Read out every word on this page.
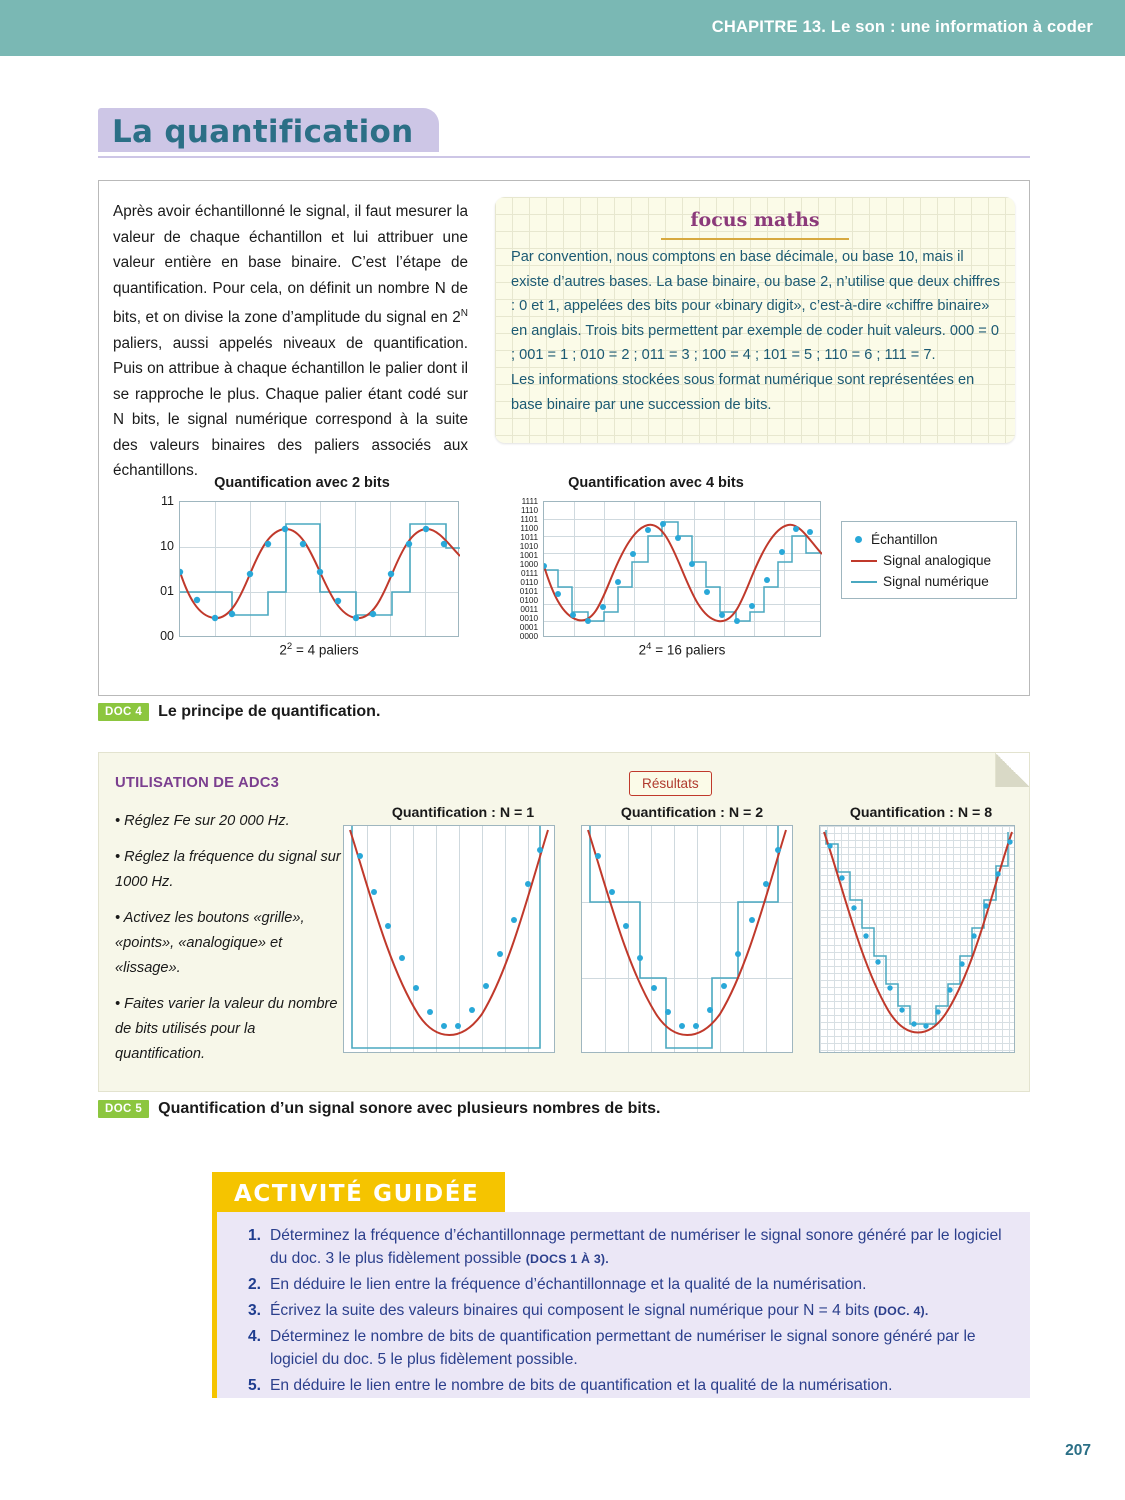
CHAPITRE 13. Le son : une information à coder
La quantification
Après avoir échantillonné le signal, il faut mesurer la valeur de chaque échantillon et lui attribuer une valeur entière en base binaire. C’est l’étape de quantification. Pour cela, on définit un nombre N de bits, et on divise la zone d’amplitude du signal en $2^N$ paliers, aussi appelés niveaux de quantification. Puis on attribue à chaque échantillon le palier dont il se rapproche le plus. Chaque palier étant codé sur N bits, le signal numérique correspond à la suite des valeurs binaires des paliers associés aux échantillons.
focus maths
Par convention, nous comptons en base décimale, ou base 10, mais il existe d’autres bases. La base binaire, ou base 2, n’utilise que deux chiffres : 0 et 1, appelées des bits pour «binary digit», c’est-à-dire «chiffre binaire» en anglais. Trois bits permettent par exemple de coder huit valeurs. 000 = 0 ; 001 = 1 ; 010 = 2 ; 011 = 3 ; 100 = 4 ; 101 = 5 ; 110 = 6 ; 111 = 7.
Les informations stockées sous format numérique sont représentées en base binaire par une succession de bits.
Quantification avec 2 bits
11
10
01
00
$2^2 = 4$ paliers
Quantification avec 4 bits
1111
1110
1101
1100
1011
1010
1001
1000
0111
0110
0101
0100
0011
0010
0001
0000
$2^4 = 16$ paliers
Échantillon
Signal analogique
Signal numérique
DOC 4	Le principe de quantification.
UTILISATION DE ADC3

• Réglez Fe sur 20 000 Hz.

• Réglez la fréquence du signal sur 1000 Hz.

• Activez les boutons «grille», «points», «analogique» et «lissage».

• Faites varier la valeur du nombre de bits utilisés pour la quantification.

Résultats
Quantification : N = 1	Quantification : N = 2	Quantification : N = 8
DOC 5	Quantification d’un signal sonore avec plusieurs nombres de bits.
ACTIVITÉ GUIDÉE
1. Déterminez la fréquence d’échantillonnage permettant de numériser le signal sonore généré par le logiciel du doc. 3 le plus fidèlement possible (DOCS 1 À 3).
2. En déduire le lien entre la fréquence d’échantillonnage et la qualité de la numérisation.
3. Écrivez la suite des valeurs binaires qui composent le signal numérique pour N = 4 bits (DOC. 4).
4. Déterminez le nombre de bits de quantification permettant de numériser le signal sonore généré par le logiciel du doc. 5 le plus fidèlement possible.
5. En déduire le lien entre le nombre de bits de quantification et la qualité de la numérisation.
207
